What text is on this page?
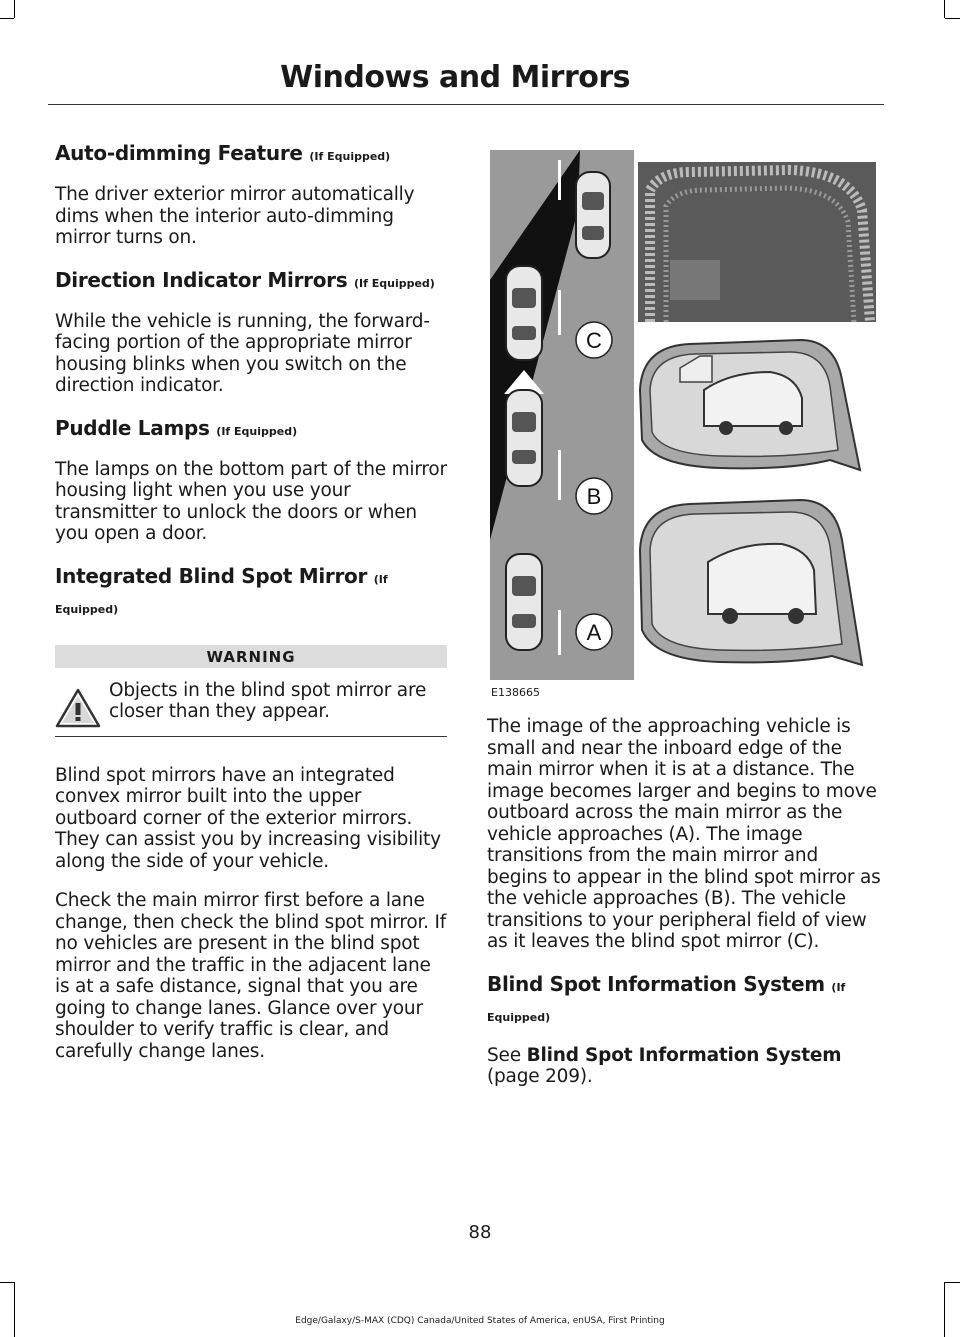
Windows and Mirrors
Auto-dimming Feature (If Equipped)

The driver exterior mirror automatically dims when the interior auto-dimming mirror turns on.

Direction Indicator Mirrors (If Equipped)

While the vehicle is running, the forward-facing portion of the appropriate mirror housing blinks when you switch on the direction indicator.

Puddle Lamps (If Equipped)

The lamps on the bottom part of the mirror housing light when you use your transmitter to unlock the doors or when you open a door.

Integrated Blind Spot Mirror (If Equipped)
WARNING

Objects in the blind spot mirror are closer than they appear.

Blind spot mirrors have an integrated convex mirror built into the upper outboard corner of the exterior mirrors. They can assist you by increasing visibility along the side of your vehicle.

Check the main mirror first before a lane change, then check the blind spot mirror. If no vehicles are present in the blind spot mirror and the traffic in the adjacent lane is at a safe distance, signal that you are going to change lanes. Glance over your shoulder to verify traffic is clear, and carefully change lanes.

C
B
A
E138665

The image of the approaching vehicle is small and near the inboard edge of the main mirror when it is at a distance. The image becomes larger and begins to move outboard across the main mirror as the vehicle approaches (A). The image transitions from the main mirror and begins to appear in the blind spot mirror as the vehicle approaches (B). The vehicle transitions to your peripheral field of view as it leaves the blind spot mirror (C).

Blind Spot Information System (If Equipped)

See Blind Spot Information System (page 209).

88
Edge/Galaxy/S-MAX (CDQ) Canada/United States of America, enUSA, First Printing
